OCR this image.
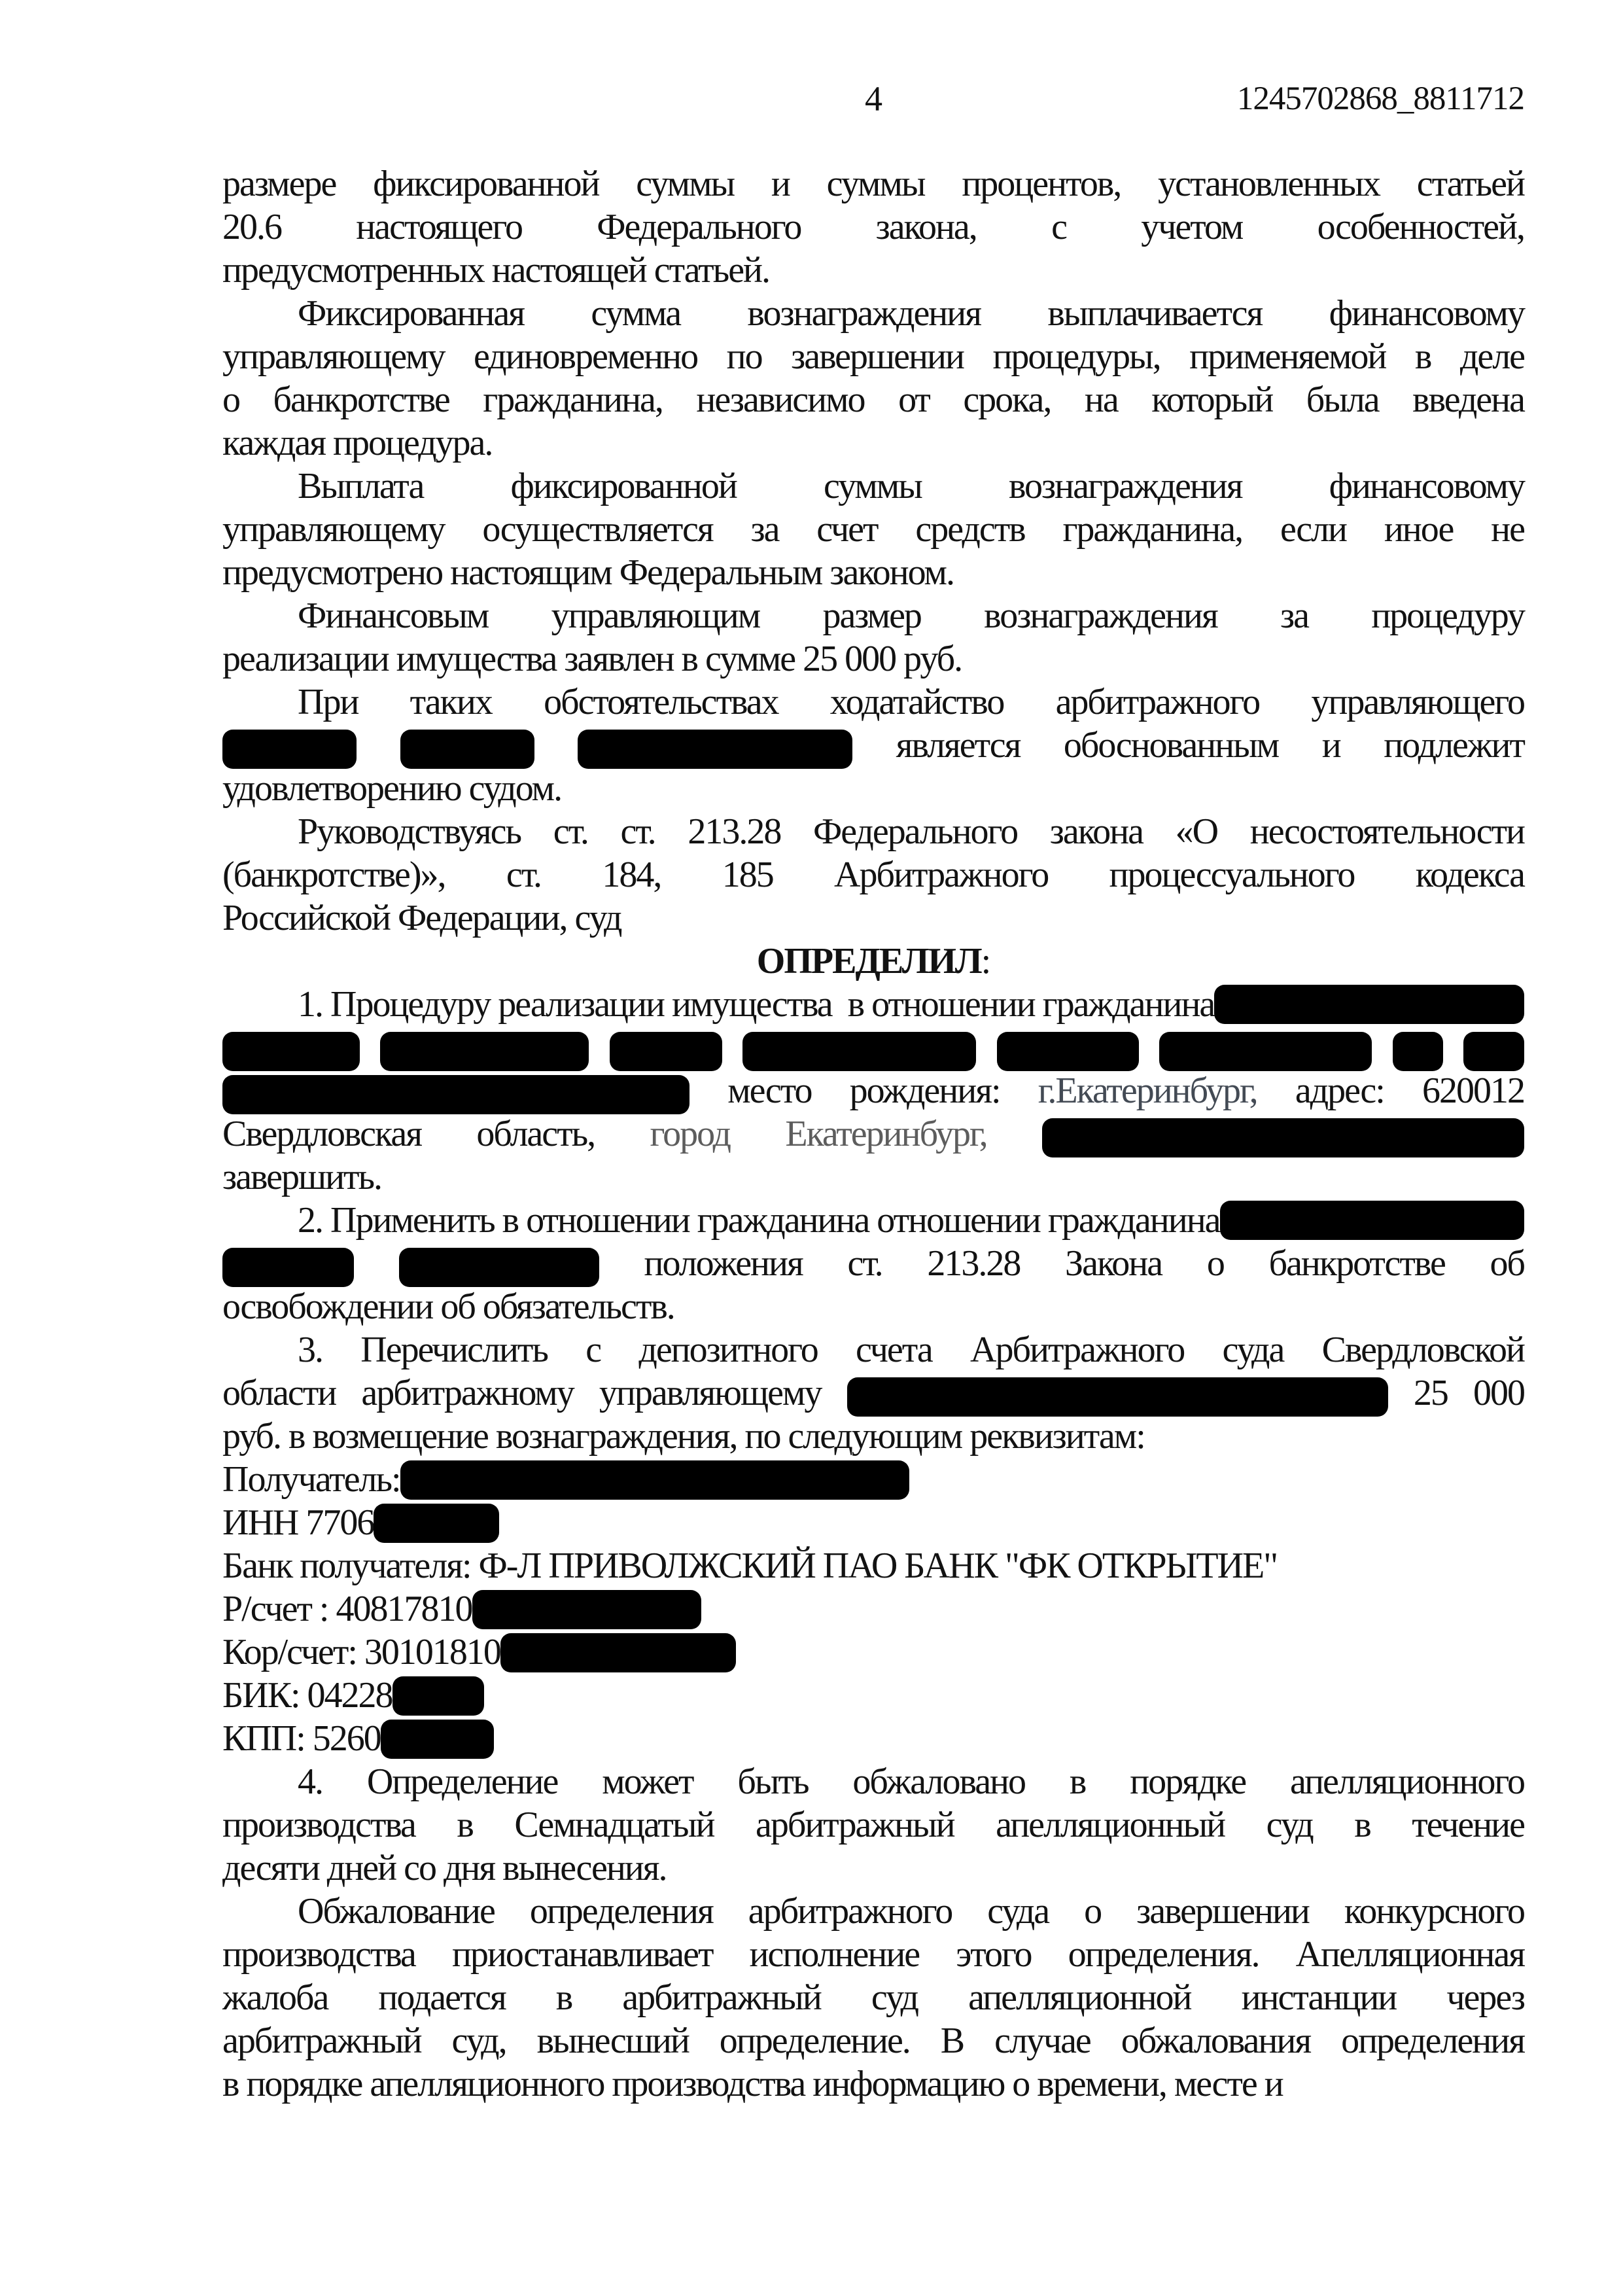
4	1245702868_8811712
размере фиксированной суммы и суммы процентов, установленных статьей
20.6 настоящего Федерального закона, с учетом особенностей,
предусмотренных настоящей статьей.
Фиксированная сумма вознаграждения выплачивается финансовому
управляющему единовременно по завершении процедуры, применяемой в деле
о банкротстве гражданина, независимо от срока, на который была введена
каждая процедура.
Выплата фиксированной суммы вознаграждения финансовому
управляющему осуществляется за счет средств гражданина, если иное не
предусмотрено настоящим Федеральным законом.
Финансовым управляющим размер вознаграждения за процедуру
реализации имущества заявлен в сумме 25 000 руб.
При таких обстоятельствах ходатайство арбитражного управляющего
является обоснованным и подлежит
удовлетворению судом.
Руководствуясь ст. ст. 213.28 Федерального закона «О несостоятельности
(банкротстве)», ст. 184, 185 Арбитражного процессуального кодекса
Российской Федерации, суд
ОПРЕДЕЛИЛ:
1. Процедуру реализации имущества  в отношении гражданина

место рождения: г.Екатеринбург, адрес: 620012
Свердловская область, город Екатеринбург,
завершить.
2. Применить в отношении гражданина отношении гражданина
положения ст. 213.28 Закона о банкротстве об
освобождении об обязательств.
3. Перечислить с депозитного счета Арбитражного суда Свердловской
области арбитражному управляющему	25 000
руб. в возмещение вознаграждения, по следующим реквизитам:
Получатель:
ИНН 7706
Банк получателя: Ф-Л ПРИВОЛЖСКИЙ ПАО БАНК "ФК ОТКРЫТИЕ"
Р/счет : 40817810
Кор/счет: 30101810
БИК: 04228
КПП: 5260
4. Определение может быть обжаловано в порядке апелляционного
производства в Семнадцатый арбитражный апелляционный суд в течение
десяти дней со дня вынесения.
Обжалование определения арбитражного суда о завершении конкурсного
производства приостанавливает исполнение этого определения. Апелляционная
жалоба подается в арбитражный суд апелляционной инстанции через
арбитражный суд, вынесший определение. В случае обжалования определения
в порядке апелляционного производства информацию о времени, месте и
